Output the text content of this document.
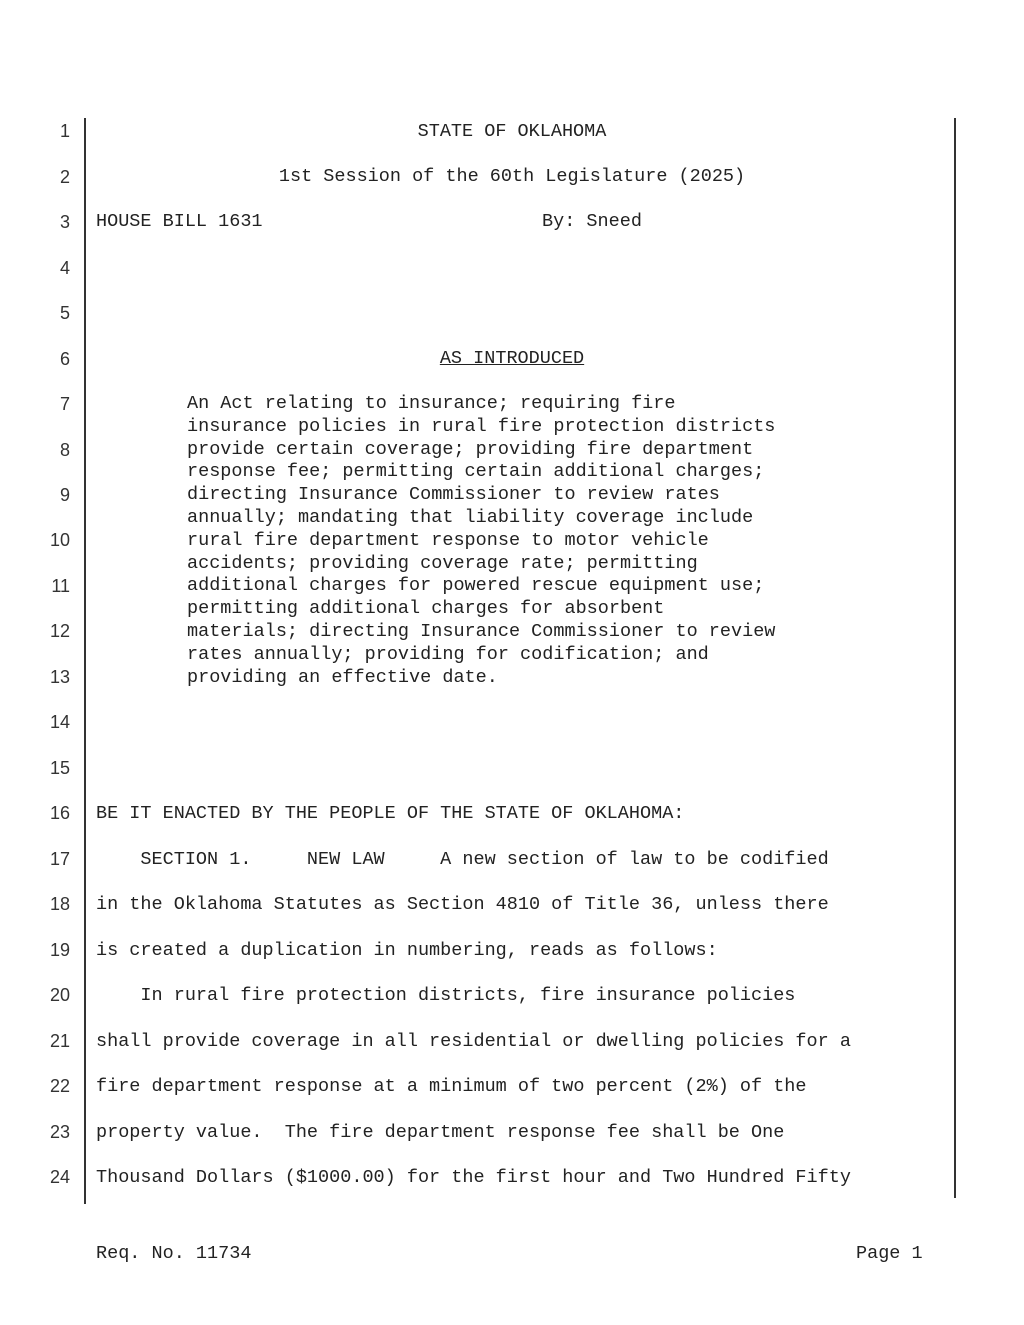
1
2
3
4
5
6
7
8
9
10
11
12
13
14
15
16
17
18
19
20
21
22
23
24
STATE OF OKLAHOMA
1st Session of the 60th Legislature (2025)
HOUSE BILL 1631	By: Sneed
AS INTRODUCED
An Act relating to insurance; requiring fire
insurance policies in rural fire protection districts
provide certain coverage; providing fire department
response fee; permitting certain additional charges;
directing Insurance Commissioner to review rates
annually; mandating that liability coverage include
rural fire department response to motor vehicle
accidents; providing coverage rate; permitting
additional charges for powered rescue equipment use;
permitting additional charges for absorbent
materials; directing Insurance Commissioner to review
rates annually; providing for codification; and
providing an effective date.
BE IT ENACTED BY THE PEOPLE OF THE STATE OF OKLAHOMA:
SECTION 1.     NEW LAW     A new section of law to be codified
in the Oklahoma Statutes as Section 4810 of Title 36, unless there
is created a duplication in numbering, reads as follows:
In rural fire protection districts, fire insurance policies
shall provide coverage in all residential or dwelling policies for a
fire department response at a minimum of two percent (2%) of the
property value.  The fire department response fee shall be One
Thousand Dollars ($1000.00) for the first hour and Two Hundred Fifty
Req. No. 11734	Page 1
